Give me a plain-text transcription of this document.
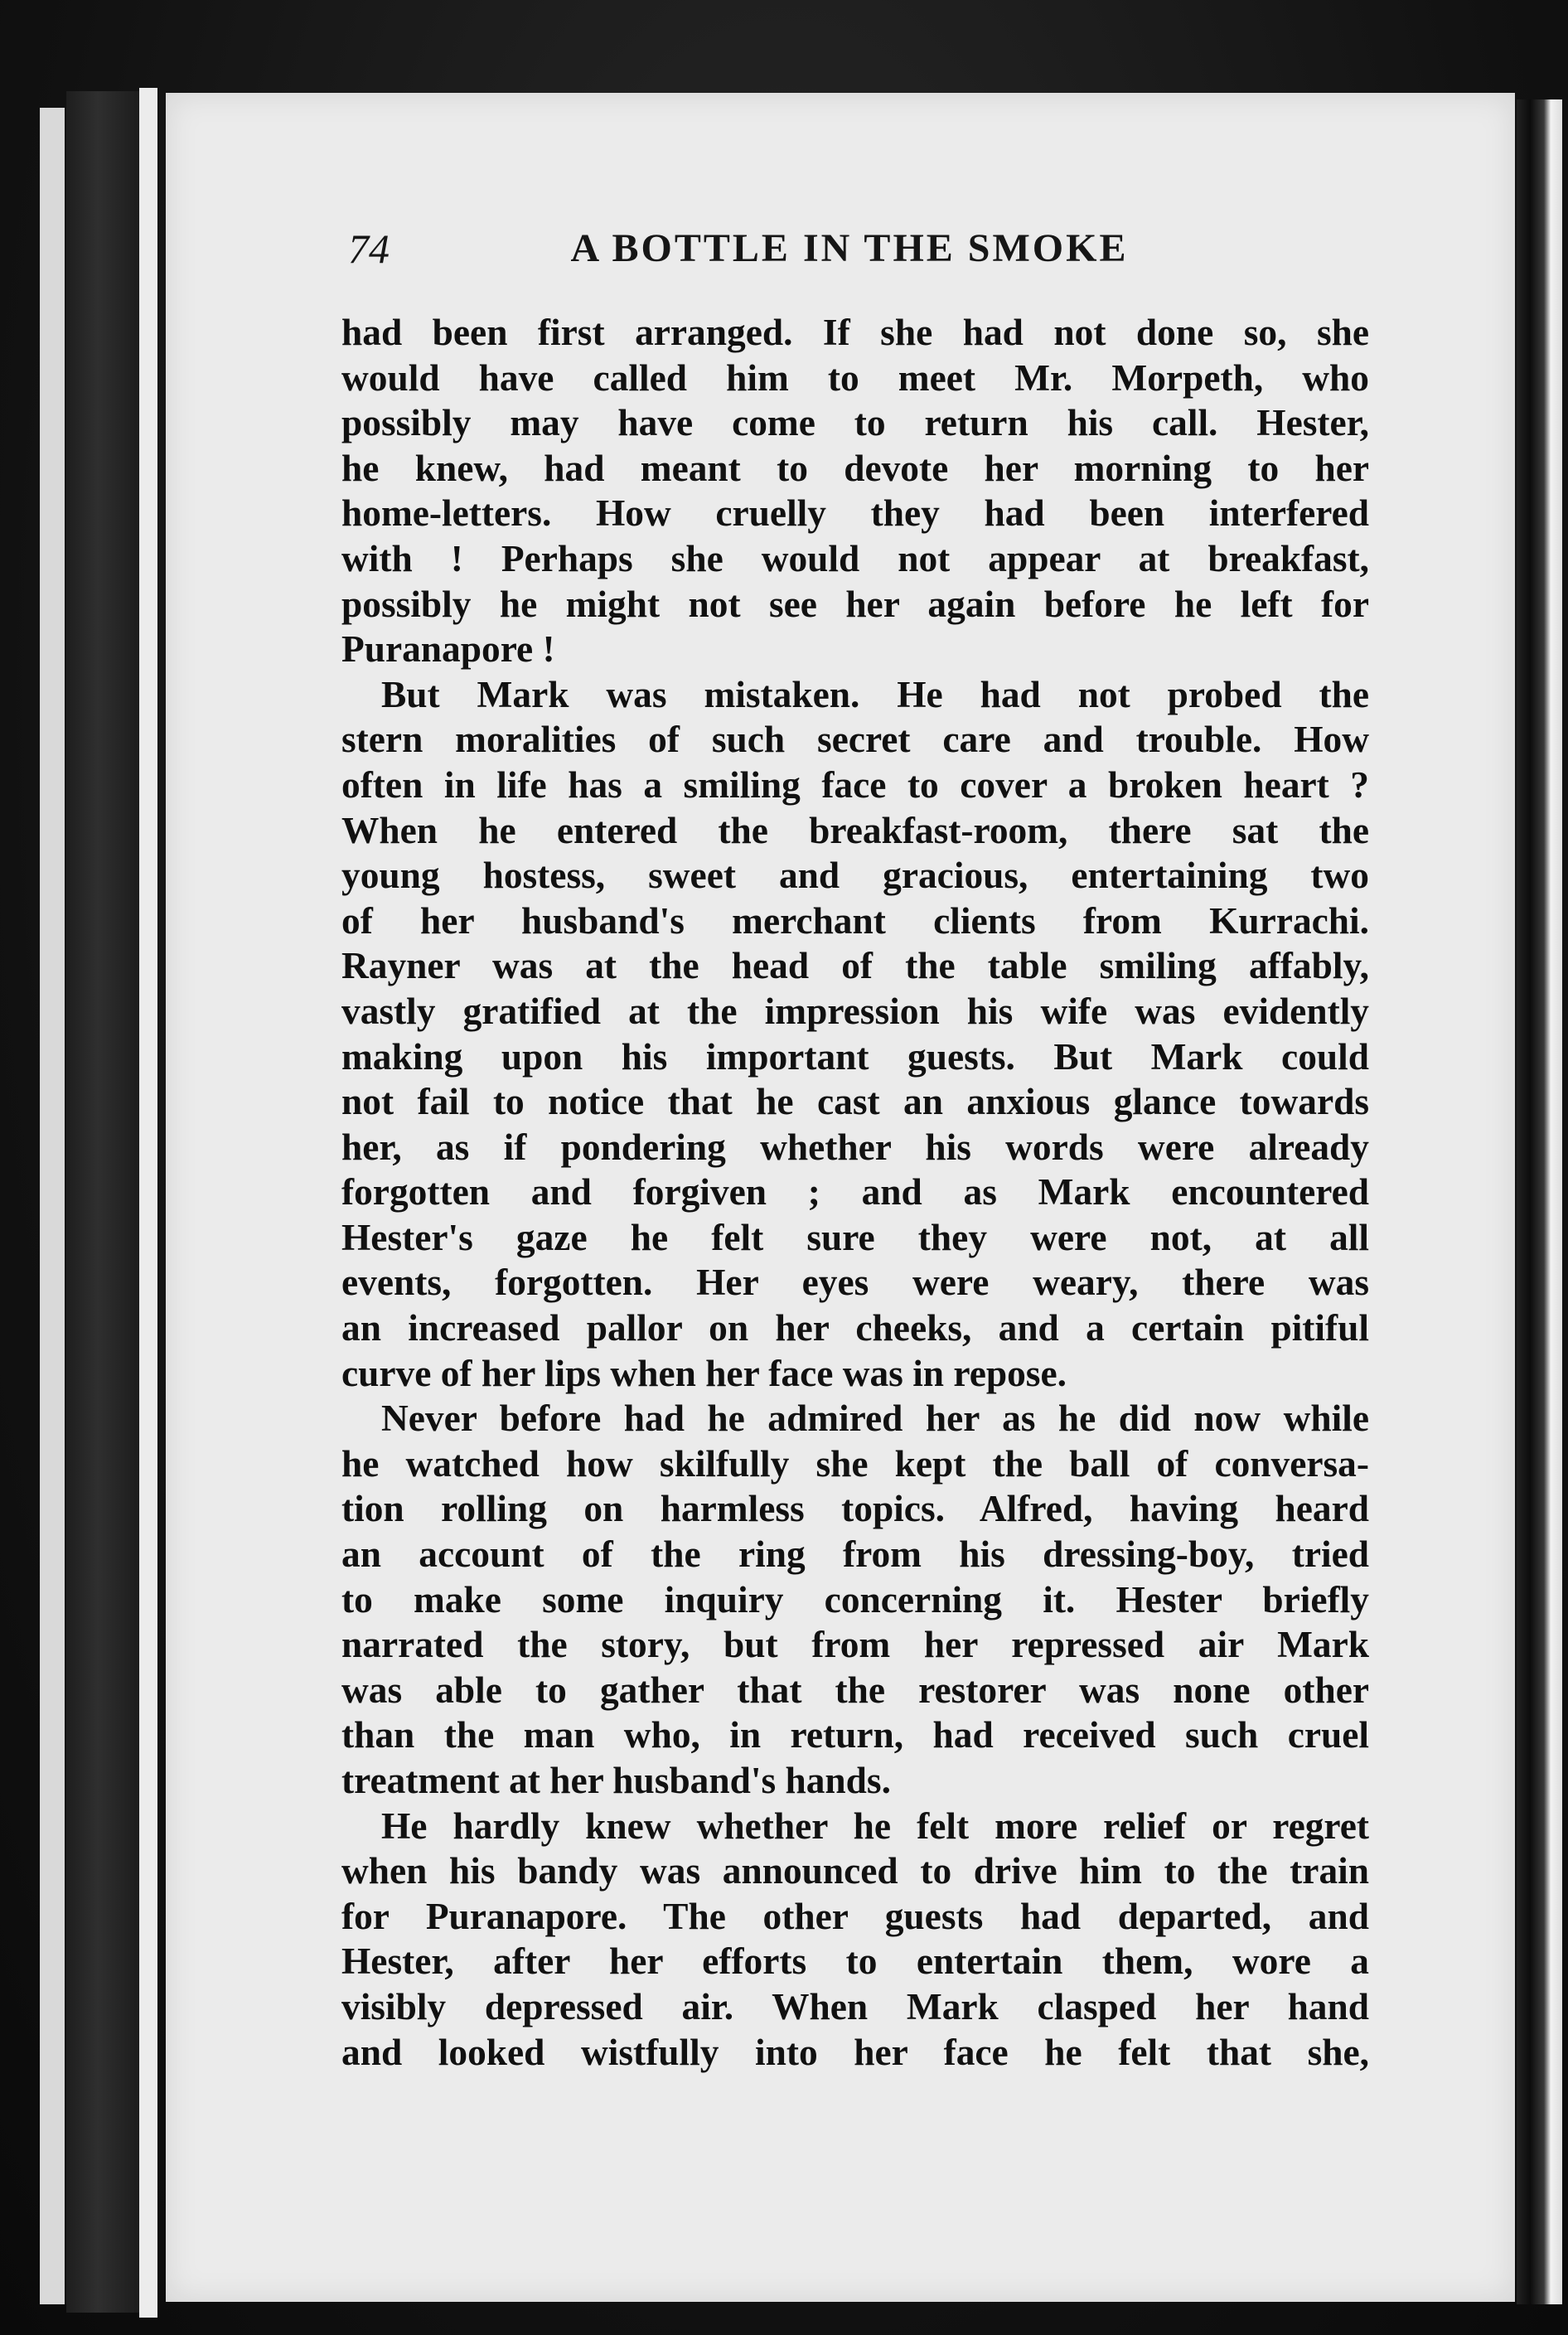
74	A BOTTLE IN THE SMOKE

had been first arranged. If she had not done so, she

would have called him to meet Mr. Morpeth, who

possibly may have come to return his call. Hester,

he knew, had meant to devote her morning to her

home-letters. How cruelly they had been interfered

with ! Perhaps she would not appear at breakfast,

possibly he might not see her again before he left for

Puranapore !

But Mark was mistaken. He had not probed the

stern moralities of such secret care and trouble. How

often in life has a smiling face to cover a broken heart ?

When he entered the breakfast-room, there sat the

young hostess, sweet and gracious, entertaining two

of her husband's merchant clients from Kurrachi.

Rayner was at the head of the table smiling affably,

vastly gratified at the impression his wife was evidently

making upon his important guests. But Mark could

not fail to notice that he cast an anxious glance towards

her, as if pondering whether his words were already

forgotten and forgiven ; and as Mark encountered

Hester's gaze he felt sure they were not, at all

events, forgotten. Her eyes were weary, there was

an increased pallor on her cheeks, and a certain pitiful

curve of her lips when her face was in repose.

Never before had he admired her as he did now while

he watched how skilfully she kept the ball of conversa-

tion rolling on harmless topics. Alfred, having heard

an account of the ring from his dressing-boy, tried

to make some inquiry concerning it. Hester briefly

narrated the story, but from her repressed air Mark

was able to gather that the restorer was none other

than the man who, in return, had received such cruel

treatment at her husband's hands.

He hardly knew whether he felt more relief or regret

when his bandy was announced to drive him to the train

for Puranapore. The other guests had departed, and

Hester, after her efforts to entertain them, wore a

visibly depressed air. When Mark clasped her hand

and looked wistfully into her face he felt that she,
